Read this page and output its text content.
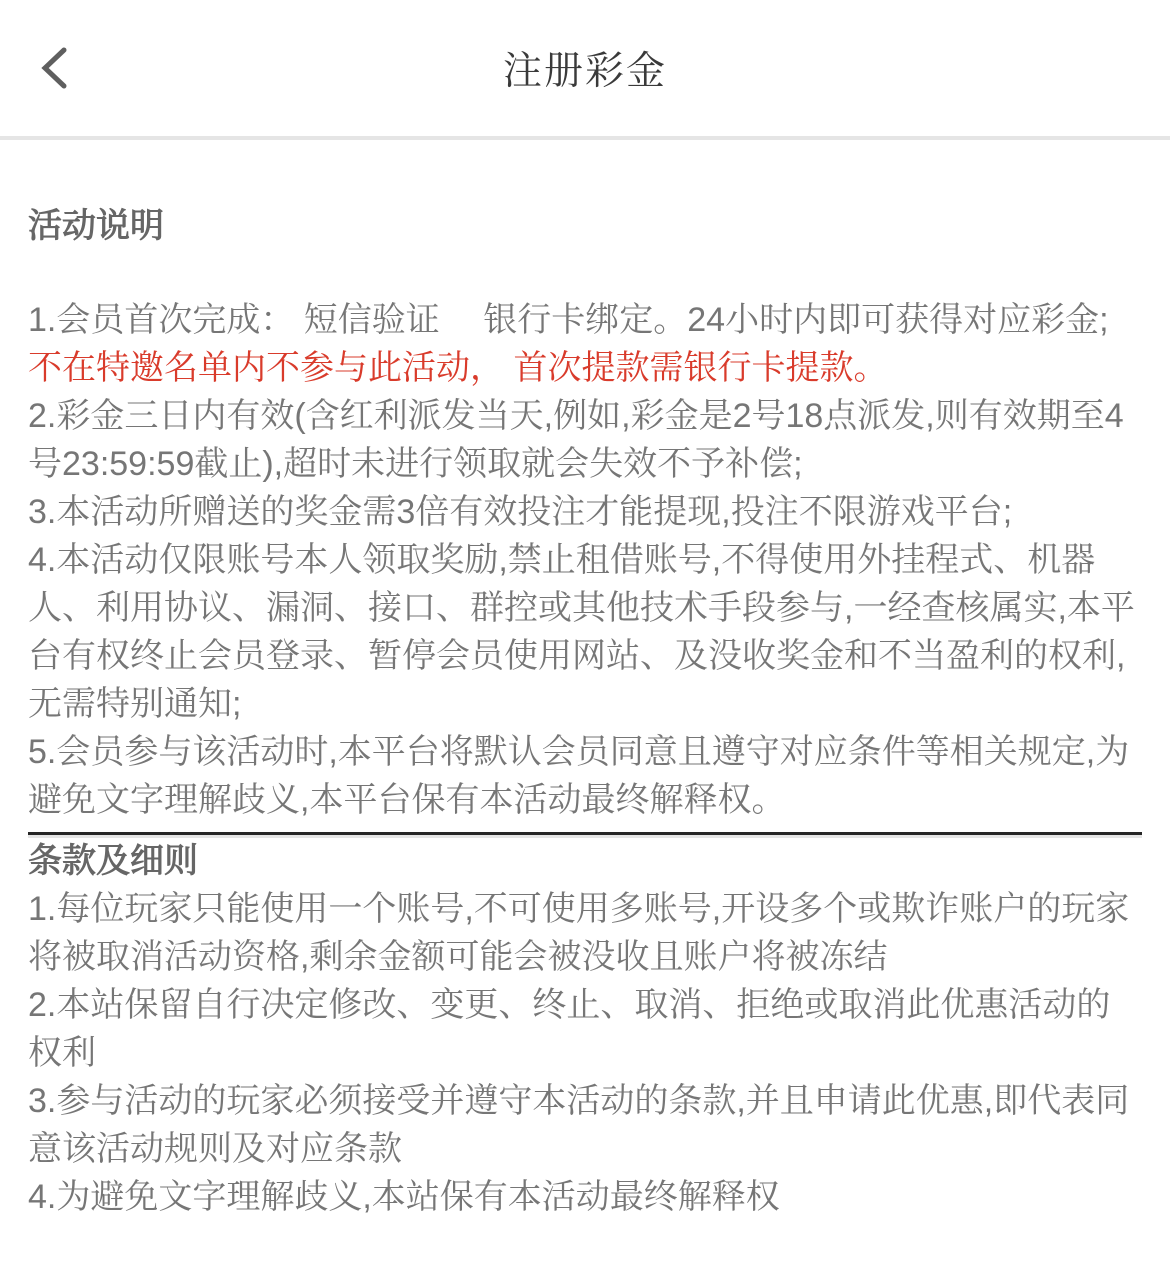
注册彩金
活动说明

1.会员首次完成： 短信验证　 银行卡绑定。24小时内即可获得对应彩金;不在特邀名单内不参与此活动， 首次提款需银行卡提款。

2.彩金三日内有效(含红利派发当天,例如,彩金是2号18点派发,则有效期至4号23:59:59截止),超时未进行领取就会失效不予补偿;

3.本活动所赠送的奖金需3倍有效投注才能提现,投注不限游戏平台;

4.本活动仅限账号本人领取奖励,禁止租借账号,不得使用外挂程式、机器人、利用协议、漏洞、接口、群控或其他技术手段参与,一经查核属实,本平台有权终止会员登录、暂停会员使用网站、及没收奖金和不当盈利的权利, 无需特别通知;

5.会员参与该活动时,本平台将默认会员同意且遵守对应条件等相关规定,为避免文字理解歧义,本平台保有本活动最终解释权。

条款及细则

1.每位玩家只能使用一个账号,不可使用多账号,开设多个或欺诈账户的玩家将被取消活动资格,剩余金额可能会被没收且账户将被冻结

2.本站保留自行决定修改、变更、终止、取消、拒绝或取消此优惠活动的权利

3.参与活动的玩家必须接受并遵守本活动的条款,并且申请此优惠,即代表同意该活动规则及对应条款

4.为避免文字理解歧义,本站保有本活动最终解释权
